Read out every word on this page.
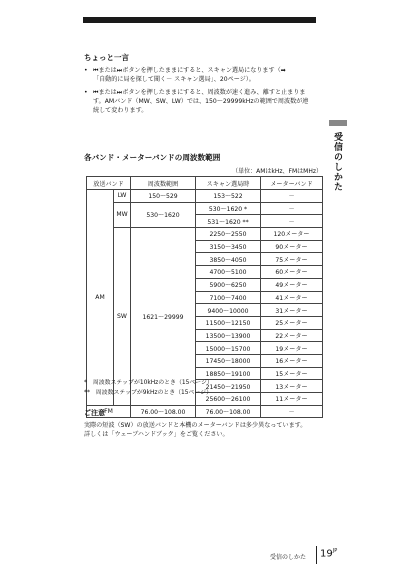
ちょっと一言
• ⏮または⏭ボタンを押したままにすると、スキャン選局になります（➡
「自動的に局を探して聞く－ スキャン選局」、20ページ）。
• ⏮または⏭ボタンを押したままにすると、周波数が速く進み、離すと止まりま
す。AMバンド（MW、SW、LW）では、150～29999kHzの範囲で周波数が連
続して変わります。
各バンド・メーターバンドの周波数範囲
（単位：AMはkHz、FMはMHz）
放送バンド		周波数範囲	スキャン選局時	メーターバンド
AM	LW	150～529	153～522	－
	MW	530～1620	530～1620 *	－
			531～1620 **	－
	SW	1621～29999	2250～2550	120メーター
			3150～3450	90メーター
			3850～4050	75メーター
			4700～5100	60メーター
			5900～6250	49メーター
			7100～7400	41メーター
			9400～10000	31メーター
			11500～12150	25メーター
			13500～13900	22メーター
			15000～15700	19メーター
			17450～18000	16メーター
			18850～19100	15メーター
			21450～21950	13メーター
			25600～26100	11メーター
FM		76.00～108.00	76.00～108.00	－
*　周波数ステップが10kHzのとき（15ページ）
**　周波数ステップが9kHzのとき（15ページ）
ご注意
実際の短波（SW）の放送バンドと本機のメーターバンドは多少異なっています。
詳しくは「ウェーブハンドブック」をご覧ください。
受信のしかた
受信のしかた $19^{JP}$
